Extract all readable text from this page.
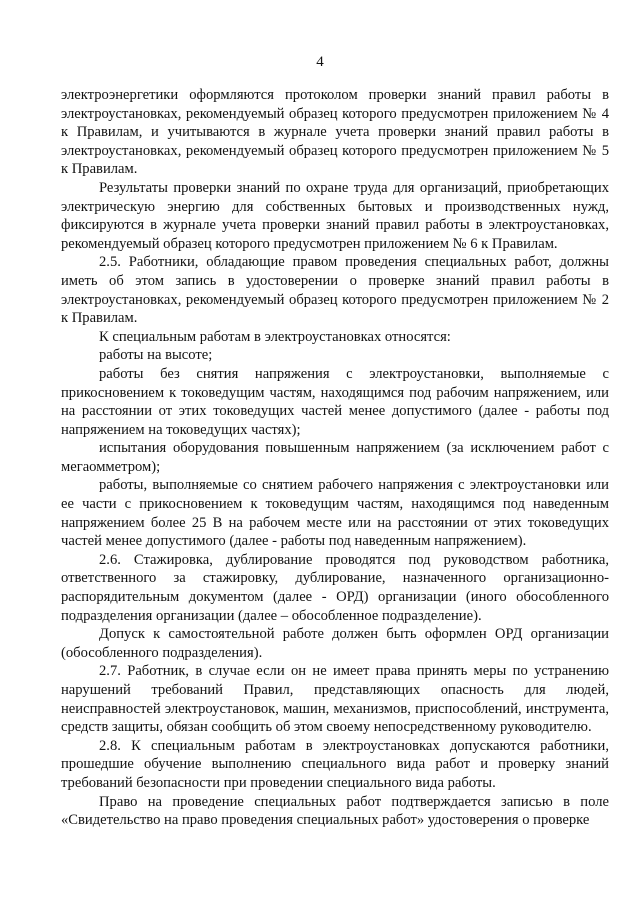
4

электроэнергетики оформляются протоколом проверки знаний правил работы в электроустановках, рекомендуемый образец которого предусмотрен приложением № 4 к Правилам, и учитываются в журнале учета проверки знаний правил работы в электроустановках, рекомендуемый образец которого предусмотрен приложением № 5 к Правилам.

Результаты проверки знаний по охране труда для организаций, приобретающих электрическую энергию для собственных бытовых и производственных нужд, фиксируются в журнале учета проверки знаний правил работы в электроустановках, рекомендуемый образец которого предусмотрен приложением № 6 к Правилам.

2.5. Работники, обладающие правом проведения специальных работ, должны иметь об этом запись в удостоверении о проверке знаний правил работы в электроустановках, рекомендуемый образец которого предусмотрен приложением № 2 к Правилам.

К специальным работам в электроустановках относятся:

работы на высоте;

работы без снятия напряжения с электроустановки, выполняемые с прикосновением к токоведущим частям, находящимся под рабочим напряжением, или на расстоянии от этих токоведущих частей менее допустимого (далее - работы под напряжением на токоведущих частях);

испытания оборудования повышенным напряжением (за исключением работ с мегаомметром);

работы, выполняемые со снятием рабочего напряжения с электроустановки или ее части с прикосновением к токоведущим частям, находящимся под наведенным напряжением более 25 В на рабочем месте или на расстоянии от этих токоведущих частей менее допустимого (далее - работы под наведенным напряжением).

2.6. Стажировка, дублирование проводятся под руководством работника, ответственного за стажировку, дублирование, назначенного организационно-распорядительным документом (далее - ОРД) организации (иного обособленного подразделения организации (далее – обособленное подразделение).

Допуск к самостоятельной работе должен быть оформлен ОРД организации (обособленного подразделения).

2.7. Работник, в случае если он не имеет права принять меры по устранению нарушений требований Правил, представляющих опасность для людей, неисправностей электроустановок, машин, механизмов, приспособлений, инструмента, средств защиты, обязан сообщить об этом своему непосредственному руководителю.

2.8. К специальным работам в электроустановках допускаются работники, прошедшие обучение выполнению специального вида работ и проверку знаний требований безопасности при проведении специального вида работы.

Право на проведение специальных работ подтверждается записью в поле «Свидетельство на право проведения специальных работ» удостоверения о проверке
